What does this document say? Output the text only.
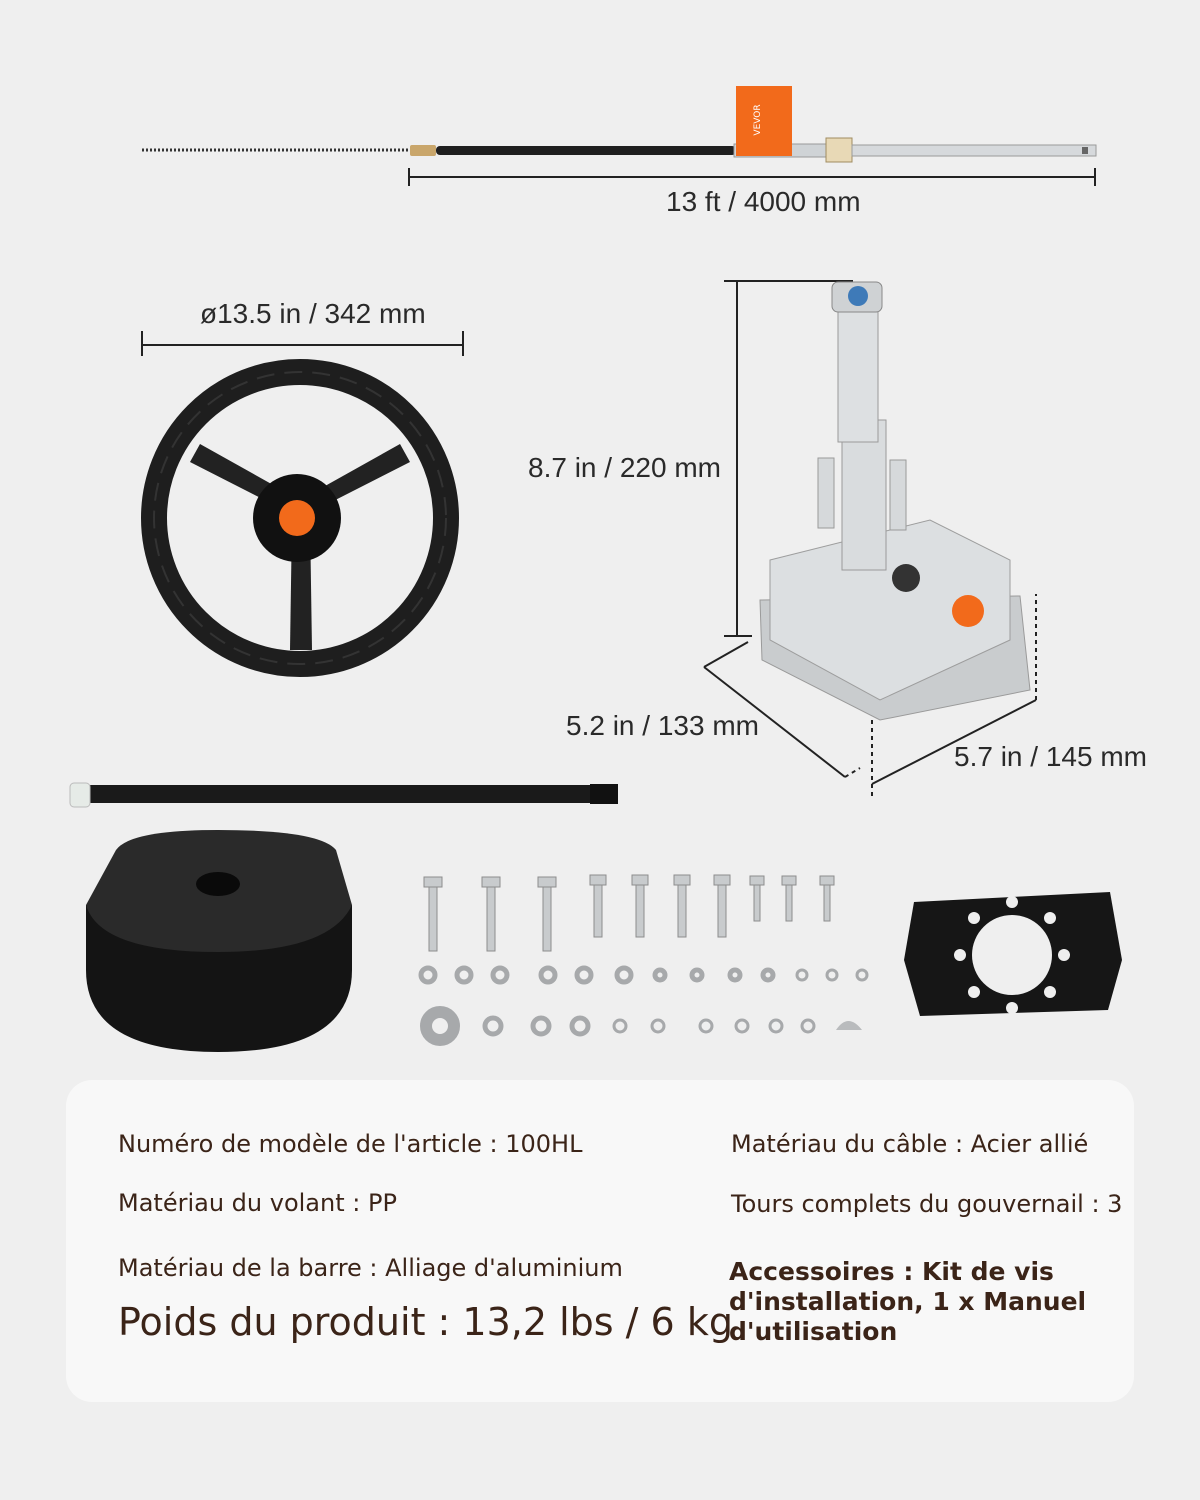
VEVOR
13 ft / 4000 mm
ø13.5 in / 342 mm
8.7 in / 220 mm
5.2 in / 133 mm
5.7 in / 145 mm
Numéro de modèle de l'article : 100HL	Matériau du câble : Acier allié
Matériau du volant : PP	Tours complets du gouvernail : 3
Matériau de la barre : Alliage d'aluminium	Accessoires : Kit de vis d'installation, 1 x Manuel d'utilisation
Poids du produit : 13,2 lbs / 6 kg
